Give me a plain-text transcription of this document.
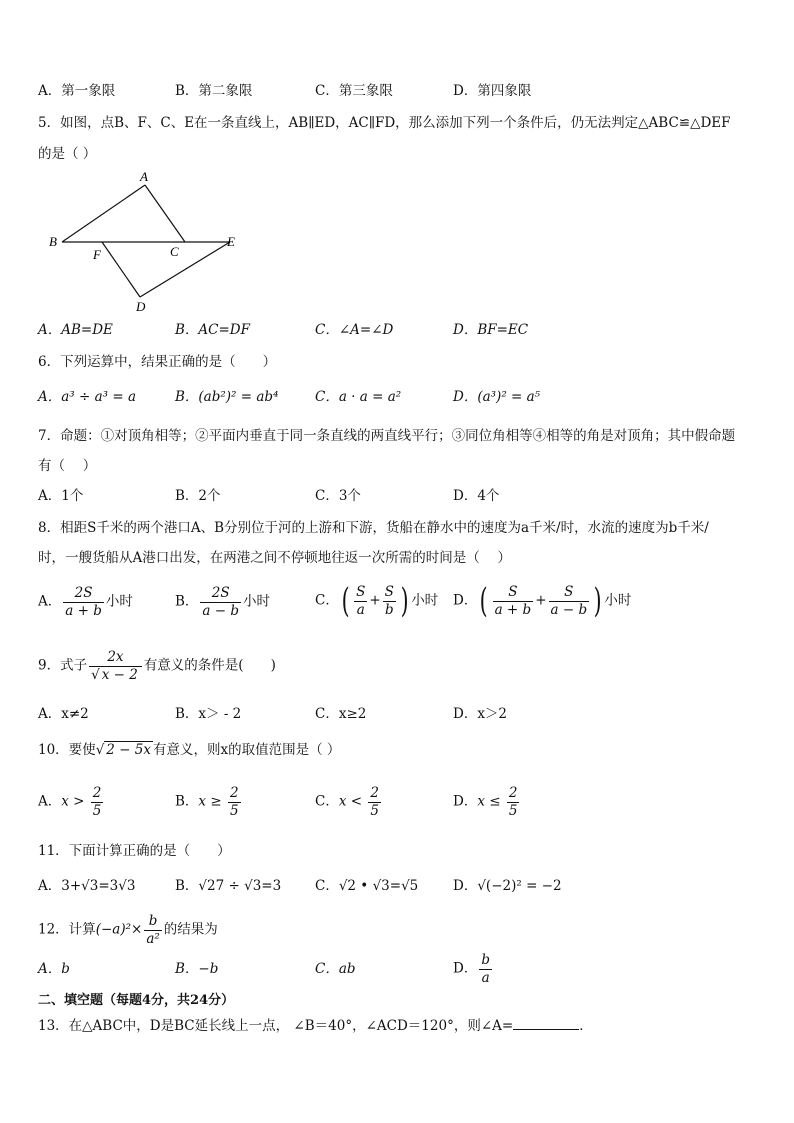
A．第一象限	B．第二象限	C．第三象限	D．第四象限
5．如图，点B、F、C、E在一条直线上，AB∥ED，AC∥FD，那么添加下列一个条件后，仍无法判定△ABC≌△DEF
的是（ ）
A
B
F	C
E
D
A．AB=DE	B．AC=DF	C．∠A=∠D	D．BF=EC
6．下列运算中，结果正确的是（　　）
A．a³ ÷ a³ = a	B．(ab²)² = ab⁴	C．a · a = a²	D．(a³)² = a⁵
7．命题：①对顶角相等；②平面内垂直于同一条直线的两直线平行；③同位角相等④相等的角是对顶角；其中假命题
有（　 ）
A．1个	B．2个	C．3个	D．4个
8．相距S千米的两个港口A、B分别位于河的上游和下游，货船在静水中的速度为a千米/时，水流的速度为b千米/
时，一艘货船从A港口出发，在两港之间不停顿地往返一次所需的时间是（　 ）
A． $\frac{2S}{a + b}$ 小时	B． $\frac{2S}{a - b}$ 小时	C．( $\frac{S}{a} + \frac{S}{b}$ ) 小时 D．( $\frac{S}{a + b} + \frac{S}{a - b}$ ) 小时
9．式子 $\frac{2x}{√ x - 2}$ 有意义的条件是(　　)
A．x≠2	B．x＞ - 2	C．x≥2	D．x＞2
10．要使√ 2 − 5x 有意义，则x的取值范围是（ ）
A．$x > \frac{2}{5}$	B．$x \ge \frac{2}{5}$	C．$x < \frac{2}{5}$	D．$x \le \frac{2}{5}$
11．下面计算正确的是（　　）
A．3+√3=3√3	B．√27 ÷ √3=3	C．√2 • √3=√5	D．√(−2)² = −2
12．计算$(-a)^2\times \frac{b}{\text{a²}}$ 的结果为
A．b	B．−b	C．ab	D． $\frac{b}{a}$
二、填空题（每题4分，共24分）
13．在△ABC中，D是BC延长线上一点， ∠B＝40°，∠ACD＝120°，则∠A=	．
